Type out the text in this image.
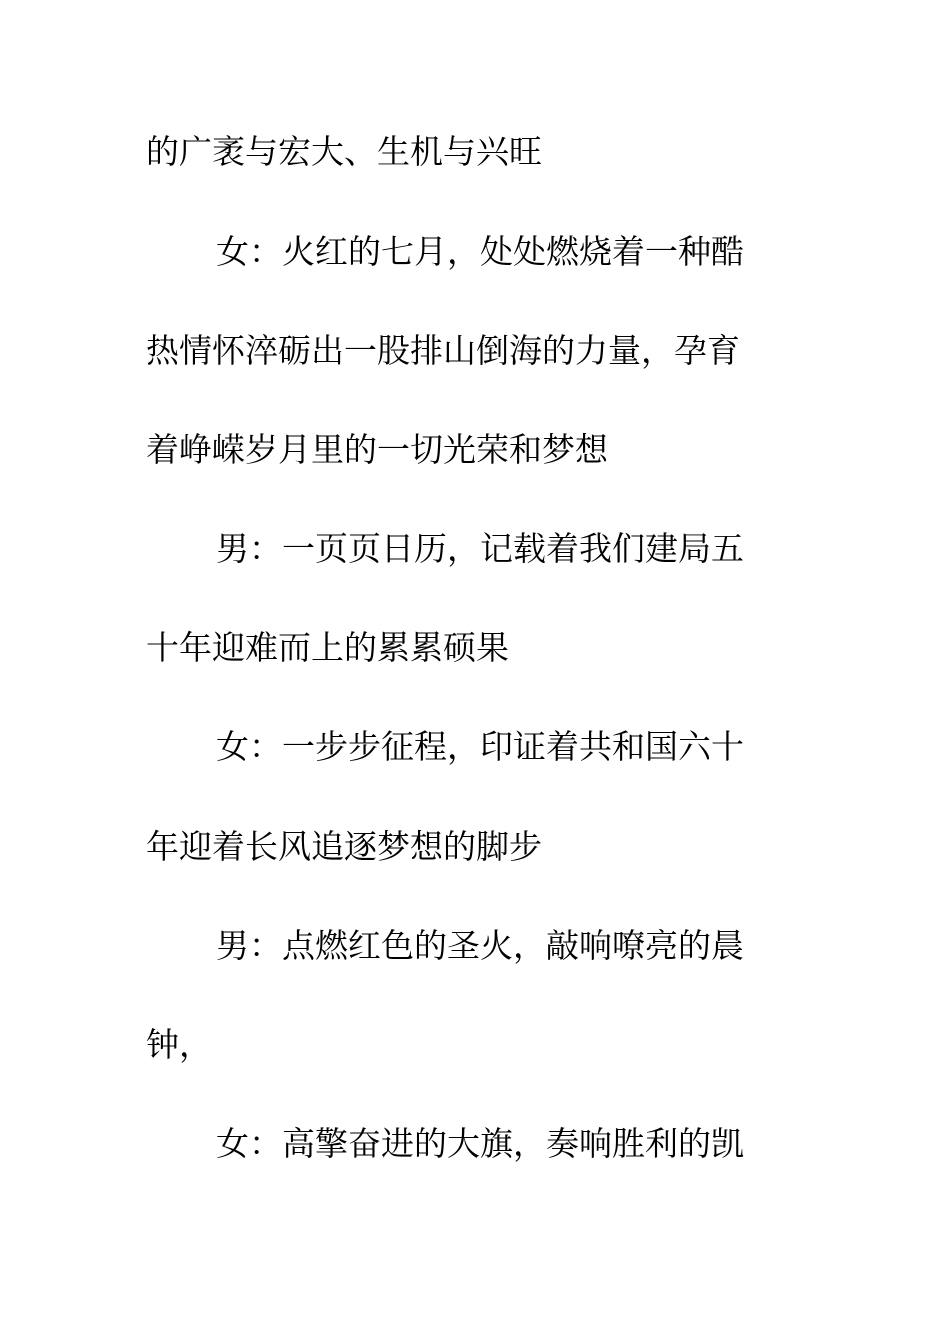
的广袤与宏大、生机与兴旺
女：火红的七月，处处燃烧着一种酷
热情怀淬砺出一股排山倒海的力量，孕育
着峥嵘岁月里的一切光荣和梦想
男：一页页日历，记载着我们建局五
十年迎难而上的累累硕果
女：一步步征程，印证着共和国六十
年迎着长风追逐梦想的脚步
男：点燃红色的圣火，敲响嘹亮的晨
钟，
女：高擎奋进的大旗，奏响胜利的凯
